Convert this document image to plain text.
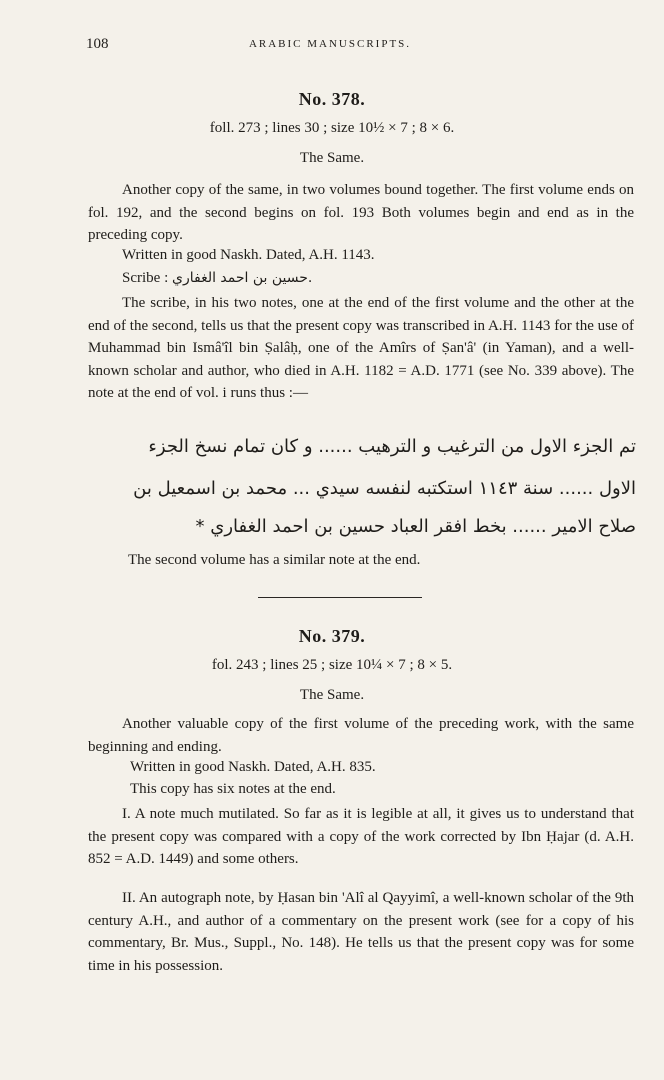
108	ARABIC MANUSCRIPTS.
No. 378.
foll. 273 ; lines 30 ; size 10½ × 7 ; 8 × 6.
The Same.

Another copy of the same, in two volumes bound together. The first volume ends on fol. 192, and the second begins on fol. 193 Both volumes begin and end as in the preceding copy.

Written in good Naskh. Dated, A.H. 1143.
Scribe : حسين بن احمد الغفاري.

The scribe, in his two notes, one at the end of the first volume and the other at the end of the second, tells us that the present copy was transcribed in A.H. 1143 for the use of Muhammad bin Ismâ'îl bin Ṣalâḥ, one of the Amîrs of Ṣan'â' (in Yaman), and a well-known scholar and author, who died in A.H. 1182 = A.D. 1771 (see No. 339 above). The note at the end of vol. i runs thus :—

تم الجزء الاول من الترغيب و الترهيب ...... و كان تمام نسخ الجزء

الاول ...... سنة ١١٤٣ استكتبه لنفسه سيدي ... محمد بن اسمعيل بن

صلاح الامير ...... بخط افقر العباد حسين بن احمد الغفاري *

The second volume has a similar note at the end.
No. 379.
fol. 243 ; lines 25 ; size 10¼ × 7 ; 8 × 5.
The Same.

Another valuable copy of the first volume of the preceding work, with the same beginning and ending.

Written in good Naskh. Dated, A.H. 835.
This copy has six notes at the end.

I. A note much mutilated. So far as it is legible at all, it gives us to understand that the present copy was compared with a copy of the work corrected by Ibn Ḥajar (d. A.H. 852 = A.D. 1449) and some others.

II. An autograph note, by Ḥasan bin 'Alî al Qayyimî, a well-known scholar of the 9th century A.H., and author of a commentary on the present work (see for a copy of his commentary, Br. Mus., Suppl., No. 148). He tells us that the present copy was for some time in his possession.
